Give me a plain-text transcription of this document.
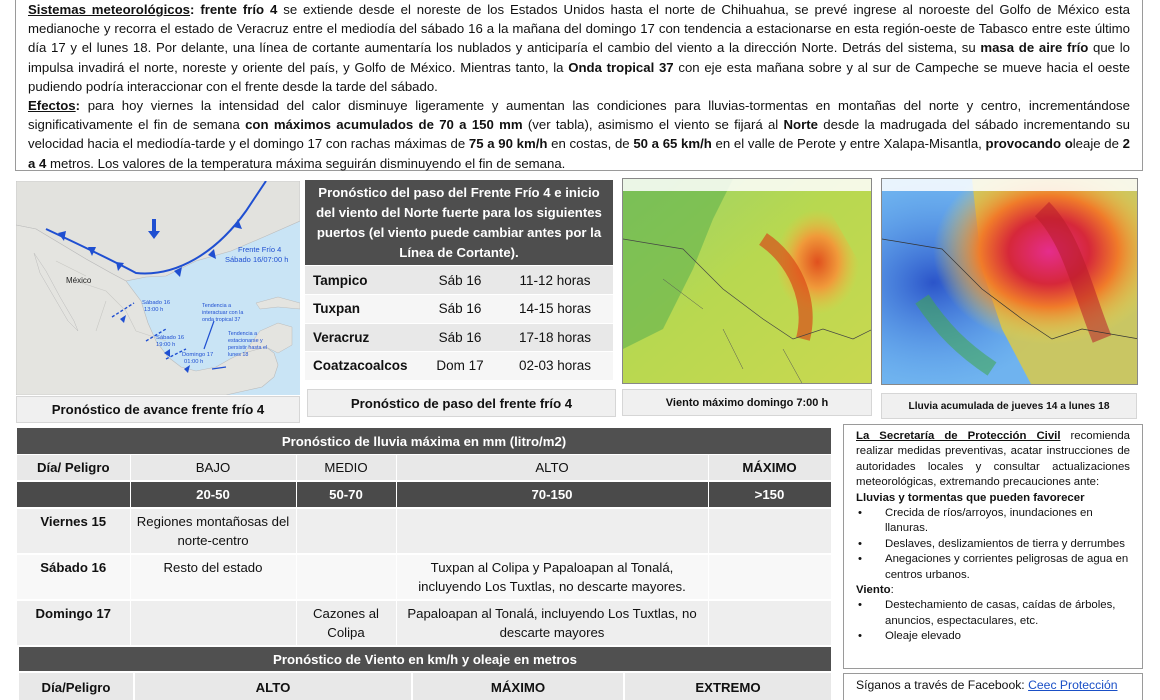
Sistemas meteorológicos: frente frío 4 se extiende desde el noreste de los Estados Unidos hasta el norte de Chihuahua, se prevé ingrese al noroeste del Golfo de México esta medianoche y recorra el estado de Veracruz entre el mediodía del sábado 16 a la mañana del domingo 17 con tendencia a estacionarse en esta región-oeste de Tabasco entre este último día 17 y el lunes 18. Por delante, una línea de cortante aumentaría los nublados y anticiparía el cambio del viento a la dirección Norte. Detrás del sistema, su masa de aire frío que lo impulsa invadirá el norte, noreste y oriente del país, y Golfo de México. Mientras tanto, la Onda tropical 37 con eje esta mañana sobre y al sur de Campeche se mueve hacia el oeste pudiendo podría interaccionar con el frente desde la tarde del sábado.

Efectos: para hoy viernes la intensidad del calor disminuye ligeramente y aumentan las condiciones para lluvias-tormentas en montañas del norte y centro, incrementándose significativamente el fin de semana con máximos acumulados de 70 a 150 mm (ver tabla), asimismo el viento se fijará al Norte desde la madrugada del sábado incrementando su velocidad hacia el mediodía-tarde y el domingo 17 con rachas máximas de 75 a 90 km/h en costas, de 50 a 65 km/h en el valle de Perote y entre Xalapa-Misantla, provocando oleaje de 2 a 4 metros. Los valores de la temperatura máxima seguirán disminuyendo el fin de semana.

Frente Frío 4
Sábado 16/07:00 h
México
Sábado 16
13:00 h
Sábado 16
19:00 h
Domingo 17
01:00 h
Tendencia a
interactuar con la
onda tropical 37
Tendencia a
estacionarse y
persistir hasta el
lunes 18
Pronóstico de avance frente frío 4
Pronóstico del paso del Frente Frío 4 e inicio del viento del Norte fuerte para los siguientes puertos (el viento puede cambiar antes por la Línea de Cortante).
Tampico	Sáb 16	11-12 horas
Tuxpan	Sáb 16	14-15 horas
Veracruz	Sáb 16	17-18 horas
Coatzacoalcos	Dom 17	02-03 horas
Pronóstico de paso del frente frío 4	Viento máximo domingo 7:00 h	Lluvia acumulada de jueves 14 a lunes 18
Pronóstico de lluvia máxima en mm (litro/m2)
Día/ Peligro	BAJO	MEDIO	ALTO	MÁXIMO
	20-50	50-70	70-150	>150
Viernes 15	Regiones montañosas del norte-centro			
Sábado 16	Resto del estado		Tuxpan al Colipa y Papaloapan al Tonalá, incluyendo Los Tuxtlas, no descarte mayores.	
Domingo 17		Cazones al Colipa	Papaloapan al Tonalá, incluyendo Los Tuxtlas, no descarte mayores	
Pronóstico de Viento en km/h y oleaje en metros
Día/Peligro	ALTO	MÁXIMO	EXTREMO
La Secretaría de Protección Civil recomienda realizar medidas preventivas, acatar instrucciones de autoridades locales y consultar actualizaciones meteorológicas, extremando precauciones ante:
Lluvias y tormentas que pueden favorecer
• Crecida de ríos/arroyos, inundaciones en llanuras.
• Deslaves, deslizamientos de tierra y derrumbes
• Anegaciones y corrientes peligrosas de agua en centros urbanos.
Viento:
• Destechamiento de casas, caídas de árboles, anuncios, espectaculares, etc.
• Oleaje elevado
Síganos a través de Facebook: Ceec Protección
